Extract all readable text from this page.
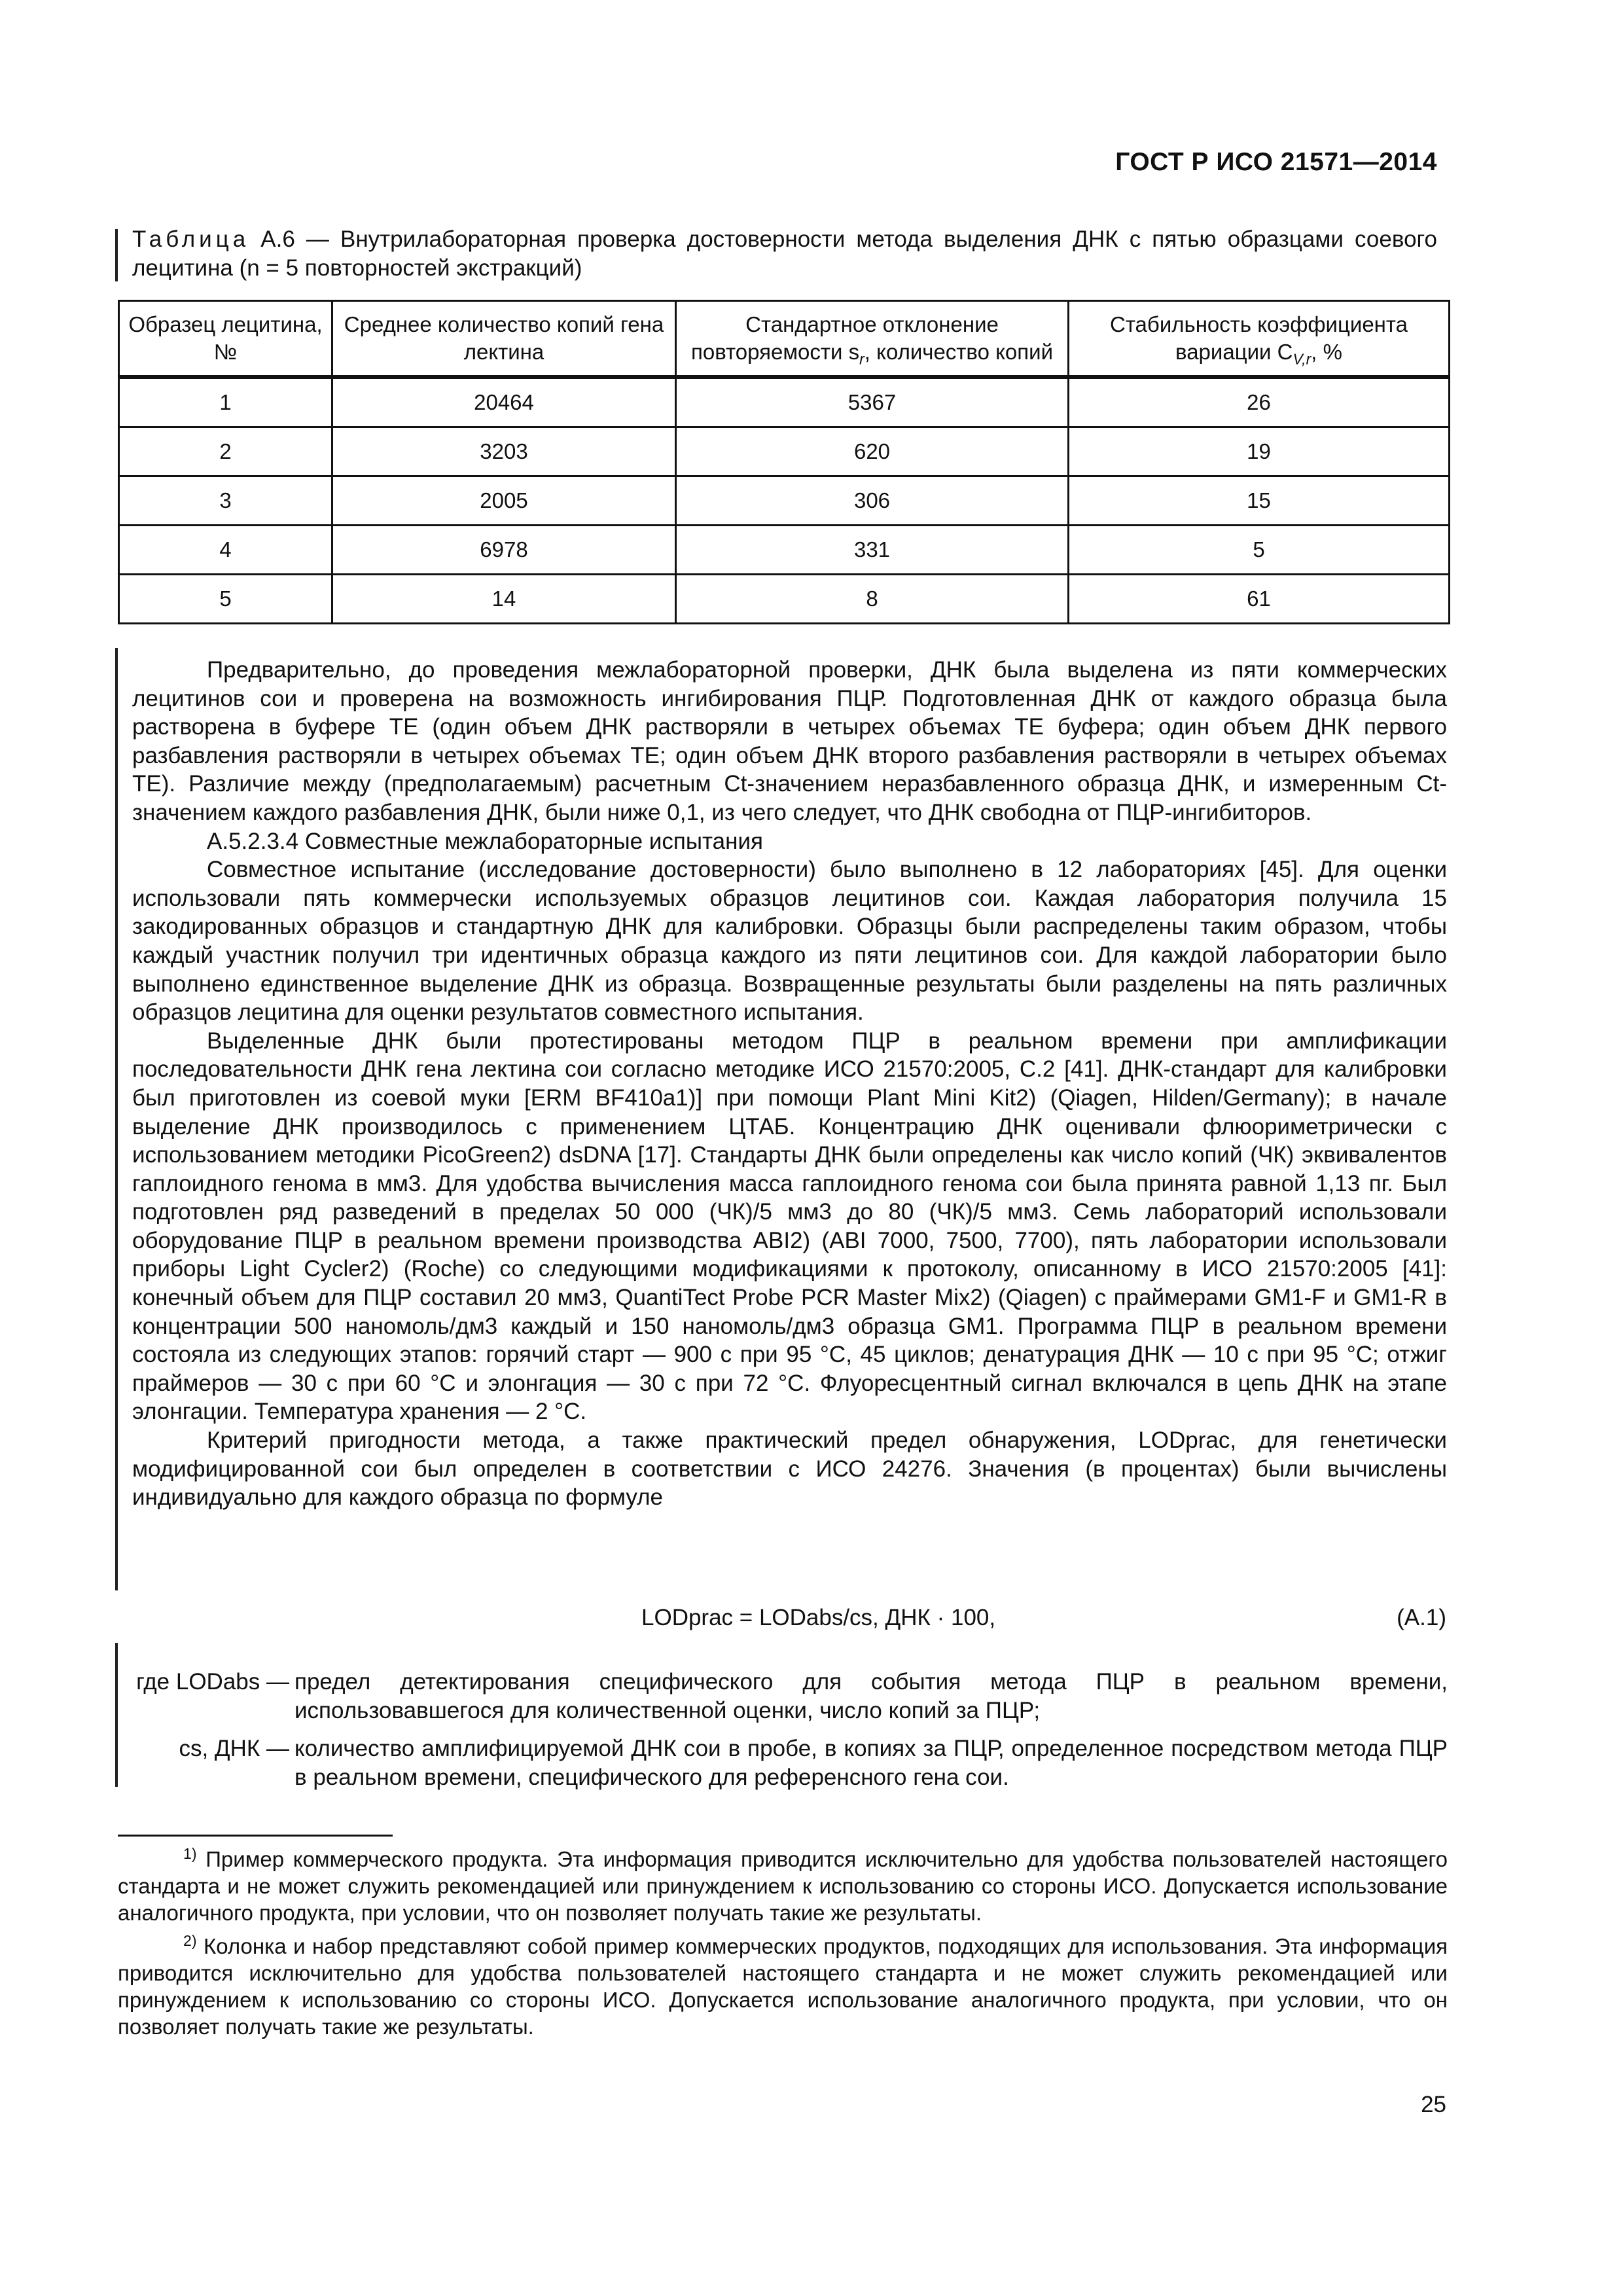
ГОСТ Р ИСО 21571—2014
Таблица А.6 — Внутрилабораторная проверка достоверности метода выделения ДНК с пятью образцами соевого лецитина (n = 5 повторностей экстракций)
Образец лецитина, №	Среднее количество копий гена лектина	Стандартное отклонение повторяемости $s_r$, количество копий	Стабильность коэффициента вариации $C_{V,r}$, %
1	20464	5367	26
2	3203	620	19
3	2005	306	15
4	6978	331	5
5	14	8	61

Предварительно, до проведения межлабораторной проверки, ДНК была выделена из пяти коммерческих лецитинов сои и проверена на возможность ингибирования ПЦР. Подготовленная ДНК от каждого образца была растворена в буфере ТЕ (один объем ДНК растворяли в четырех объемах ТЕ буфера; один объем ДНК первого разбавления растворяли в четырех объемах ТЕ; один объем ДНК второго разбавления растворяли в четырех объемах ТЕ). Различие между (предполагаемым) расчетным Ct-значением неразбавленного образца ДНК, и измеренным Ct-значением каждого разбавления ДНК, были ниже 0,1, из чего следует, что ДНК свободна от ПЦР-ингибиторов.

А.5.2.3.4 Совместные межлабораторные испытания

Совместное испытание (исследование достоверности) было выполнено в 12 лабораториях [45]. Для оценки использовали пять коммерчески используемых образцов лецитинов сои. Каждая лаборатория получила 15 закодированных образцов и стандартную ДНК для калибровки. Образцы были распределены таким образом, чтобы каждый участник получил три идентичных образца каждого из пяти лецитинов сои. Для каждой лаборатории было выполнено единственное выделение ДНК из образца. Возвращенные результаты были разделены на пять различных образцов лецитина для оценки результатов совместного испытания.

Выделенные ДНК были протестированы методом ПЦР в реальном времени при амплификации последовательности ДНК гена лектина сои согласно методике ИСО 21570:2005, С.2 [41]. ДНК-стандарт для калибровки был приготовлен из соевой муки [ERM BF410a1)] при помощи Plant Mini Kit2) (Qiagen, Hilden/Germany); в начале выделение ДНК производилось с применением ЦТАБ. Концентрацию ДНК оценивали флюориметрически с использованием методики PicoGreen2) dsDNA [17]. Стандарты ДНК были определены как число копий (ЧК) эквивалентов гаплоидного генома в мм3. Для удобства вычисления масса гаплоидного генома сои была принята равной 1,13 пг. Был подготовлен ряд разведений в пределах 50 000 (ЧК)/5 мм3 до 80 (ЧК)/5 мм3. Семь лабораторий использовали оборудование ПЦР в реальном времени производства ABI2) (ABI 7000, 7500, 7700), пять лаборатории использовали приборы Light Cycler2) (Roche) со следующими модификациями к протоколу, описанному в ИСО 21570:2005 [41]: конечный объем для ПЦР составил 20 мм3, QuantiTect Probe PCR Master Mix2) (Qiagen) с праймерами GM1-F и GM1-R в концентрации 500 наномоль/дм3 каждый и 150 наномоль/дм3 образца GM1. Программа ПЦР в реальном времени состояла из следующих этапов: горячий старт — 900 с при 95 °С, 45 циклов; денатурация ДНК — 10 с при 95 °С; отжиг праймеров — 30 с при 60 °С и элонгация — 30 с при 72 °С. Флуоресцентный сигнал включался в цепь ДНК на этапе элонгации. Температура хранения — 2 °С.

Критерий пригодности метода, а также практический предел обнаружения, LODprac, для генетически модифицированной сои был определен в соответствии с ИСО 24276. Значения (в процентах) были вычислены индивидуально для каждого образца по формуле

LODprac = LODabs/cs, ДНК · 100,	(А.1)
где LODabs — предел детектирования специфического для события метода ПЦР в реальном времени, использовавшегося для количественной оценки, число копий за ПЦР;
cs, ДНК — количество амплифицируемой ДНК сои в пробе, в копиях за ПЦР, определенное посредством метода ПЦР в реальном времени, специфического для референсного гена сои.

$^{1)}$ Пример коммерческого продукта. Эта информация приводится исключительно для удобства пользователей настоящего стандарта и не может служить рекомендацией или принуждением к использованию со стороны ИСО. Допускается использование аналогичного продукта, при условии, что он позволяет получать такие же результаты.

$^{2)}$ Колонка и набор представляют собой пример коммерческих продуктов, подходящих для использования. Эта информация приводится исключительно для удобства пользователей настоящего стандарта и не может служить рекомендацией или принуждением к использованию со стороны ИСО. Допускается использование аналогичного продукта, при условии, что он позволяет получать такие же результаты.

25
